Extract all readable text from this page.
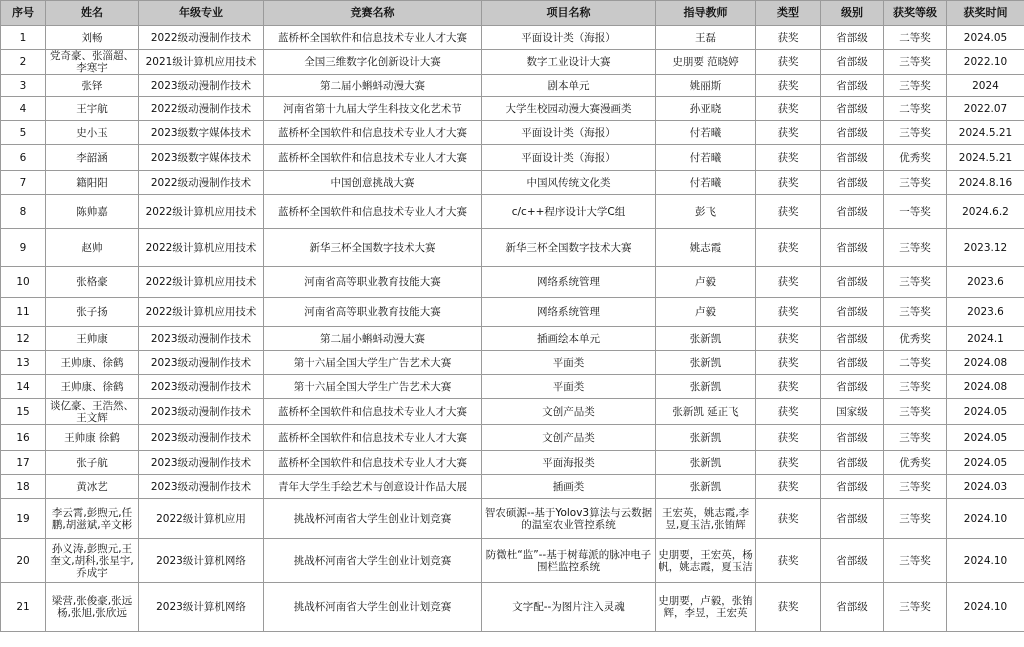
序号	姓名	年级专业	竞赛名称	项目名称	指导教师	类型	级别	获奖等级	获奖时间
1	刘畅	2022级动漫制作技术	蓝桥杯全国软件和信息技术专业人才大赛	平面设计类（海报）	王磊	获奖	省部级	二等奖	2024.05
2	党奇豪、张淄超、李寒宇	2021级计算机应用技术	全国三维数字化创新设计大赛	数字工业设计大赛	史朋要 范晓婷	获奖	省部级	三等奖	2022.10
3	张铎	2023级动漫制作技术	第二届小蝌蚪动漫大赛	剧本单元	姚丽斯	获奖	省部级	三等奖	2024
4	王宇航	2022级动漫制作技术	河南省第十九届大学生科技文化艺术节	大学生校园动漫大赛漫画类	孙亚晓	获奖	省部级	二等奖	2022.07
5	史小玉	2023级数字媒体技术	蓝桥杯全国软件和信息技术专业人才大赛	平面设计类（海报）	付若曦	获奖	省部级	三等奖	2024.5.21
6	李韶涵	2023级数字媒体技术	蓝桥杯全国软件和信息技术专业人才大赛	平面设计类（海报）	付若曦	获奖	省部级	优秀奖	2024.5.21
7	籍阳阳	2022级动漫制作技术	中国创意挑战大赛	中国风传统文化类	付若曦	获奖	省部级	三等奖	2024.8.16
8	陈帅嘉	2022级计算机应用技术	蓝桥杯全国软件和信息技术专业人才大赛	c/c++程序设计大学C组	彭飞	获奖	省部级	一等奖	2024.6.2
9	赵帅	2022级计算机应用技术	新华三杯全国数字技术大赛	新华三杯全国数字技术大赛	姚志霞	获奖	省部级	三等奖	2023.12
10	张格豪	2022级计算机应用技术	河南省高等职业教育技能大赛	网络系统管理	卢毅	获奖	省部级	三等奖	2023.6
11	张子扬	2022级计算机应用技术	河南省高等职业教育技能大赛	网络系统管理	卢毅	获奖	省部级	三等奖	2023.6
12	王帅康	2023级动漫制作技术	第二届小蝌蚪动漫大赛	插画绘本单元	张新凯	获奖	省部级	优秀奖	2024.1
13	王帅康、徐鹤	2023级动漫制作技术	第十六届全国大学生广告艺术大赛	平面类	张新凯	获奖	省部级	二等奖	2024.08
14	王帅康、徐鹤	2023级动漫制作技术	第十六届全国大学生广告艺术大赛	平面类	张新凯	获奖	省部级	三等奖	2024.08
15	谈亿豪、王浩然、王文辉	2023级动漫制作技术	蓝桥杯全国软件和信息技术专业人才大赛	文创产品类	张新凯 延正飞	获奖	国家级	三等奖	2024.05
16	王帅康 徐鹤	2023级动漫制作技术	蓝桥杯全国软件和信息技术专业人才大赛	文创产品类	张新凯	获奖	省部级	三等奖	2024.05
17	张子航	2023级动漫制作技术	蓝桥杯全国软件和信息技术专业人才大赛	平面海报类	张新凯	获奖	省部级	优秀奖	2024.05
18	黄冰艺	2023级动漫制作技术	青年大学生手绘艺术与创意设计作品大展	插画类	张新凯	获奖	省部级	三等奖	2024.03
19	李云霄,彭煦元,任鹏,胡滋斌,辛文彬	2022级计算机应用	挑战杯河南省大学生创业计划竞赛	智农硕源--基于Yolov3算法与云数据的温室农业管控系统	王宏英，姚志霞,李昱,夏玉洁,张铕辉	获奖	省部级	三等奖	2024.10
20	孙义涛,彭煦元,王奎文,胡科,张星宇,乔成宇	2023级计算机网络	挑战杯河南省大学生创业计划竞赛	防微杜“监”--基于树莓派的脉冲电子围栏监控系统	史朋要，王宏英，杨帆，姚志霞，夏玉洁	获奖	省部级	三等奖	2024.10
21	梁营,张俊豪,张远杨,张旭,张欣远	2023级计算机网络	挑战杯河南省大学生创业计划竞赛	文字配--为图片注入灵魂	史朋要，卢毅，张铕辉，李昱，王宏英	获奖	省部级	三等奖	2024.10
